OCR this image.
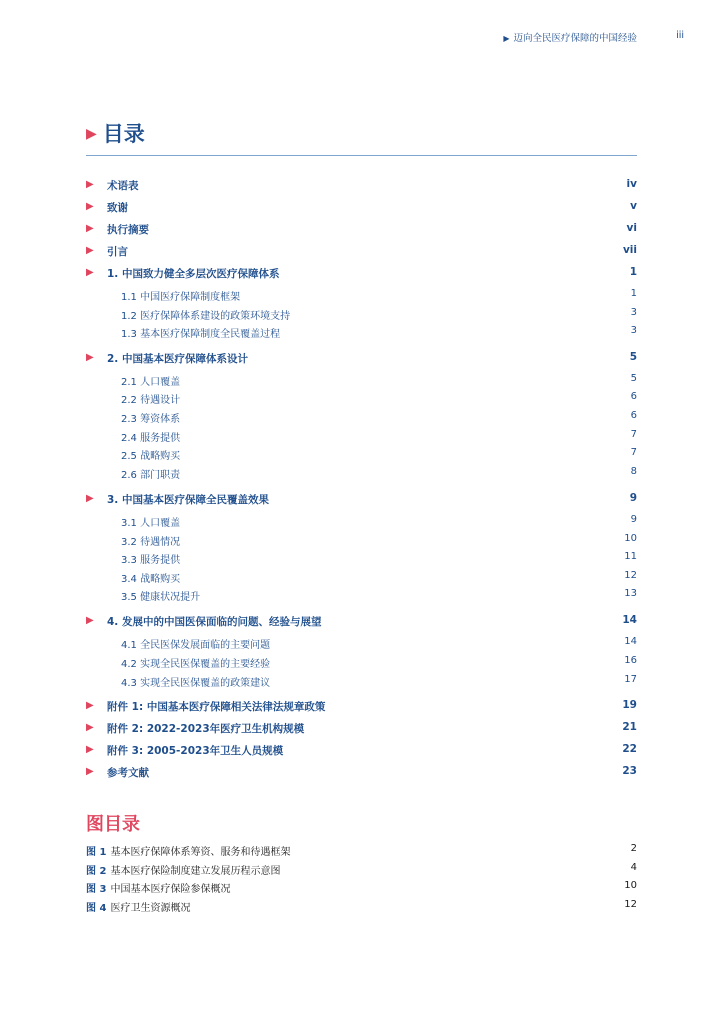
▶ 迈向全民医疗保障的中国经验	iii
▶ 目录
▶ 术语表	iv
▶ 致谢	v
▶ 执行摘要	vi
▶ 引言	vii
▶ 1. 中国致力健全多层次医疗保障体系	1
1.1 中国医疗保障制度框架	1
1.2 医疗保障体系建设的政策环境支持	3
1.3 基本医疗保障制度全民覆盖过程	3
▶ 2. 中国基本医疗保障体系设计	5
2.1 人口覆盖	5
2.2 待遇设计	6
2.3 筹资体系	6
2.4 服务提供	7
2.5 战略购买	7
2.6 部门职责	8
▶ 3. 中国基本医疗保障全民覆盖效果	9
3.1 人口覆盖	9
3.2 待遇情况	10
3.3 服务提供	11
3.4 战略购买	12
3.5 健康状况提升	13
▶ 4. 发展中的中国医保面临的问题、经验与展望	14
4.1 全民医保发展面临的主要问题	14
4.2 实现全民医保覆盖的主要经验	16
4.3 实现全民医保覆盖的政策建议	17
▶ 附件 1: 中国基本医疗保障相关法律法规章政策	19
▶ 附件 2: 2022-2023年医疗卫生机构规模	21
▶ 附件 3: 2005-2023年卫生人员规模	22
▶ 参考文献	23
图目录
图 1 基本医疗保障体系筹资、服务和待遇框架	2
图 2 基本医疗保险制度建立发展历程示意图	4
图 3 中国基本医疗保险参保概况	10
图 4 医疗卫生资源概况	12
